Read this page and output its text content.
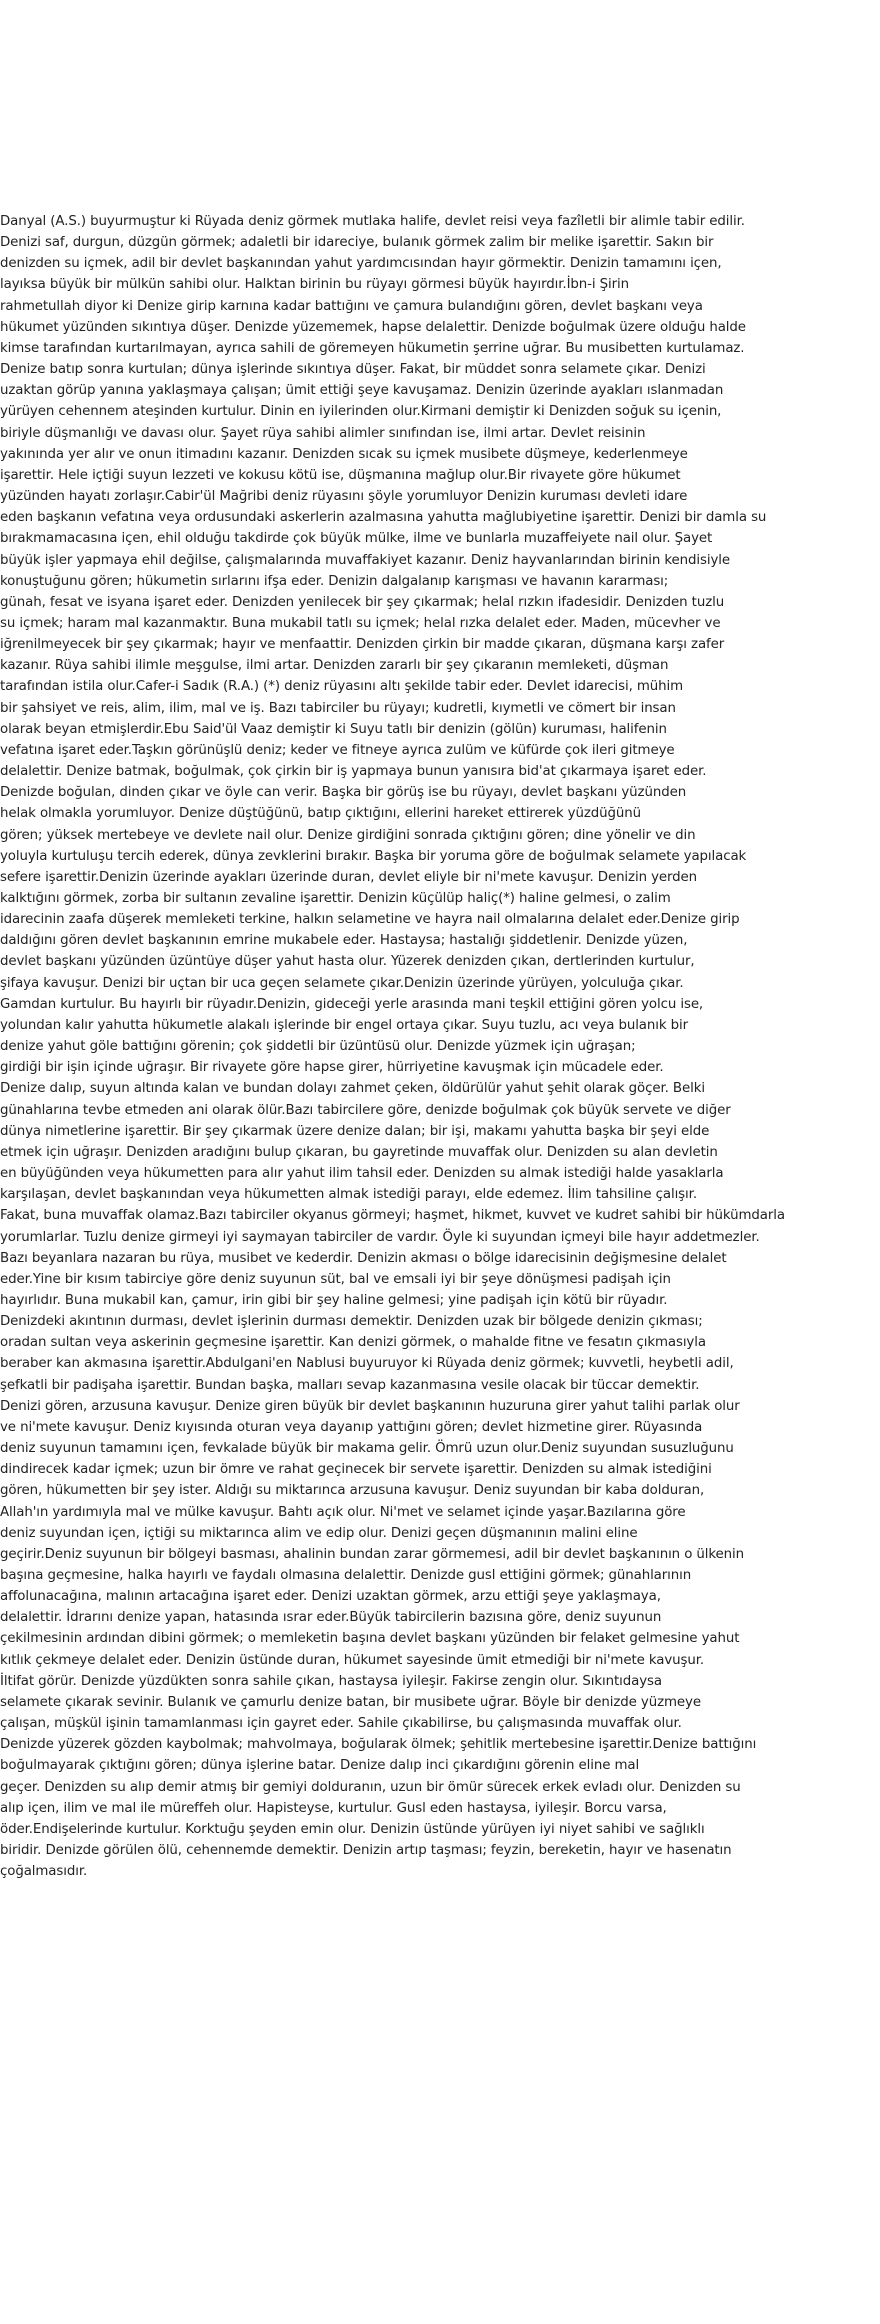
Danyal (A.S.) buyurmuştur ki Rüyada deniz görmek mutlaka halife, devlet reisi veya fazîletli bir alimle tabir edilir.
Denizi saf, durgun, düzgün görmek; adaletli bir idareciye, bulanık görmek zalim bir melike işarettir. Sakın bir
denizden su içmek, adil bir devlet başkanından yahut yardımcısından hayır görmektir. Denizin tamamını içen,
layıksa büyük bir mülkün sahibi olur. Halktan birinin bu rüyayı görmesi büyük hayırdır.İbn-i Şirin
rahmetullah diyor ki Denize girip karnına kadar battığını ve çamura bulandığını gören, devlet başkanı veya
hükumet yüzünden sıkıntıya düşer. Denizde yüzememek, hapse delalettir. Denizde boğulmak üzere olduğu halde
kimse tarafından kurtarılmayan, ayrıca sahili de göremeyen hükumetin şerrine uğrar. Bu musibetten kurtulamaz.
Denize batıp sonra kurtulan; dünya işlerinde sıkıntıya düşer. Fakat, bir müddet sonra selamete çıkar. Denizi
uzaktan görüp yanına yaklaşmaya çalışan; ümit ettiği şeye kavuşamaz. Denizin üzerinde ayakları ıslanmadan
yürüyen cehennem ateşinden kurtulur. Dinin en iyilerinden olur.Kirmani demiştir ki Denizden soğuk su içenin,
biriyle düşmanlığı ve davası olur. Şayet rüya sahibi alimler sınıfından ise, ilmi artar. Devlet reisinin
yakınında yer alır ve onun itimadını kazanır. Denizden sıcak su içmek musibete düşmeye, kederlenmeye
işarettir. Hele içtiği suyun lezzeti ve kokusu kötü ise, düşmanına mağlup olur.Bir rivayete göre hükumet
yüzünden hayatı zorlaşır.Cabir'ül Mağribi deniz rüyasını şöyle yorumluyor Denizin kuruması devleti idare
eden başkanın vefatına veya ordusundaki askerlerin azalmasına yahutta mağlubiyetine işarettir. Denizi bir damla su
bırakmamacasına içen, ehil olduğu takdirde çok büyük mülke, ilme ve bunlarla muzaffeiyete nail olur. Şayet
büyük işler yapmaya ehil değilse, çalışmalarında muvaffakiyet kazanır. Deniz hayvanlarından birinin kendisiyle
konuştuğunu gören; hükumetin sırlarını ifşa eder. Denizin dalgalanıp karışması ve havanın kararması;
günah, fesat ve isyana işaret eder. Denizden yenilecek bir şey çıkarmak; helal rızkın ifadesidir. Denizden tuzlu
su içmek; haram mal kazanmaktır. Buna mukabil tatlı su içmek; helal rızka delalet eder. Maden, mücevher ve
iğrenilmeyecek bir şey çıkarmak; hayır ve menfaattir. Denizden çirkin bir madde çıkaran, düşmana karşı zafer
kazanır. Rüya sahibi ilimle meşgulse, ilmi artar. Denizden zararlı bir şey çıkaranın memleketi, düşman
tarafından istila olur.Cafer-i Sadık (R.A.) (*) deniz rüyasını altı şekilde tabir eder. Devlet idarecisi, mühim
bir şahsiyet ve reis, alim, ilim, mal ve iş. Bazı tabirciler bu rüyayı; kudretli, kıymetli ve cömert bir insan
olarak beyan etmişlerdir.Ebu Said'ül Vaaz demiştir ki Suyu tatlı bir denizin (gölün) kuruması, halifenin
vefatına işaret eder.Taşkın görünüşlü deniz; keder ve fitneye ayrıca zulüm ve küfürde çok ileri gitmeye
delalettir. Denize batmak, boğulmak, çok çirkin bir iş yapmaya bunun yanısıra bid'at çıkarmaya işaret eder.
Denizde boğulan, dinden çıkar ve öyle can verir. Başka bir görüş ise bu rüyayı, devlet başkanı yüzünden
helak olmakla yorumluyor. Denize düştüğünü, batıp çıktığını, ellerini hareket ettirerek yüzdüğünü
gören; yüksek mertebeye ve devlete nail olur. Denize girdiğini sonrada çıktığını gören; dine yönelir ve din
yoluyla kurtuluşu tercih ederek, dünya zevklerini bırakır. Başka bir yoruma göre de boğulmak selamete yapılacak
sefere işarettir.Denizin üzerinde ayakları üzerinde duran, devlet eliyle bir ni'mete kavuşur. Denizin yerden
kalktığını görmek, zorba bir sultanın zevaline işarettir. Denizin küçülüp haliç(*) haline gelmesi, o zalim
idarecinin zaafa düşerek memleketi terkine, halkın selametine ve hayra nail olmalarına delalet eder.Denize girip
daldığını gören devlet başkanının emrine mukabele eder. Hastaysa; hastalığı şiddetlenir. Denizde yüzen,
devlet başkanı yüzünden üzüntüye düşer yahut hasta olur. Yüzerek denizden çıkan, dertlerinden kurtulur,
şifaya kavuşur. Denizi bir uçtan bir uca geçen selamete çıkar.Denizin üzerinde yürüyen, yolculuğa çıkar.
Gamdan kurtulur. Bu hayırlı bir rüyadır.Denizin, gideceği yerle arasında mani teşkil ettiğini gören yolcu ise,
yolundan kalır yahutta hükumetle alakalı işlerinde bir engel ortaya çıkar. Suyu tuzlu, acı veya bulanık bir
denize yahut göle battığını görenin; çok şiddetli bir üzüntüsü olur. Denizde yüzmek için uğraşan;
girdiği bir işin içinde uğraşır. Bir rivayete göre hapse girer, hürriyetine kavuşmak için mücadele eder.
Denize dalıp, suyun altında kalan ve bundan dolayı zahmet çeken, öldürülür yahut şehit olarak göçer. Belki
günahlarına tevbe etmeden ani olarak ölür.Bazı tabircilere göre, denizde boğulmak çok büyük servete ve diğer
dünya nimetlerine işarettir. Bir şey çıkarmak üzere denize dalan; bir işi, makamı yahutta başka bir şeyi elde
etmek için uğraşır. Denizden aradığını bulup çıkaran, bu gayretinde muvaffak olur. Denizden su alan devletin
en büyüğünden veya hükumetten para alır yahut ilim tahsil eder. Denizden su almak istediği halde yasaklarla
karşılaşan, devlet başkanından veya hükumetten almak istediği parayı, elde edemez. İlim tahsiline çalışır.
Fakat, buna muvaffak olamaz.Bazı tabirciler okyanus görmeyi; haşmet, hikmet, kuvvet ve kudret sahibi bir hükümdarla
yorumlarlar. Tuzlu denize girmeyi iyi saymayan tabirciler de vardır. Öyle ki suyundan içmeyi bile hayır addetmezler.
Bazı beyanlara nazaran bu rüya, musibet ve kederdir. Denizin akması o bölge idarecisinin değişmesine delalet
eder.Yine bir kısım tabirciye göre deniz suyunun süt, bal ve emsali iyi bir şeye dönüşmesi padişah için
hayırlıdır. Buna mukabil kan, çamur, irin gibi bir şey haline gelmesi; yine padişah için kötü bir rüyadır.
Denizdeki akıntının durması, devlet işlerinin durması demektir. Denizden uzak bir bölgede denizin çıkması;
oradan sultan veya askerinin geçmesine işarettir. Kan denizi görmek, o mahalde fitne ve fesatın çıkmasıyla
beraber kan akmasına işarettir.Abdulgani'en Nablusi buyuruyor ki Rüyada deniz görmek; kuvvetli, heybetli adil,
şefkatli bir padişaha işarettir. Bundan başka, malları sevap kazanmasına vesile olacak bir tüccar demektir.
Denizi gören, arzusuna kavuşur. Denize giren büyük bir devlet başkanının huzuruna girer yahut talihi parlak olur
ve ni'mete kavuşur. Deniz kıyısında oturan veya dayanıp yattığını gören; devlet hizmetine girer. Rüyasında
deniz suyunun tamamını içen, fevkalade büyük bir makama gelir. Ömrü uzun olur.Deniz suyundan susuzluğunu
dindirecek kadar içmek; uzun bir ömre ve rahat geçinecek bir servete işarettir. Denizden su almak istediğini
gören, hükumetten bir şey ister. Aldığı su miktarınca arzusuna kavuşur. Deniz suyundan bir kaba dolduran,
Allah'ın yardımıyla mal ve mülke kavuşur. Bahtı açık olur. Ni'met ve selamet içinde yaşar.Bazılarına göre
deniz suyundan içen, içtiği su miktarınca alim ve edip olur. Denizi geçen düşmanının malini eline
geçirir.Deniz suyunun bir bölgeyi basması, ahalinin bundan zarar görmemesi, adil bir devlet başkanının o ülkenin
başına geçmesine, halka hayırlı ve faydalı olmasına delalettir. Denizde gusl ettiğini görmek; günahlarının
affolunacağına, malının artacağına işaret eder. Denizi uzaktan görmek, arzu ettiği şeye yaklaşmaya,
delalettir. İdrarını denize yapan, hatasında ısrar eder.Büyük tabircilerin bazısına göre, deniz suyunun
çekilmesinin ardından dibini görmek; o memleketin başına devlet başkanı yüzünden bir felaket gelmesine yahut
kıtlık çekmeye delalet eder. Denizin üstünde duran, hükumet sayesinde ümit etmediği bir ni'mete kavuşur.
İltifat görür. Denizde yüzdükten sonra sahile çıkan, hastaysa iyileşir. Fakirse zengin olur. Sıkıntıdaysa
selamete çıkarak sevinir. Bulanık ve çamurlu denize batan, bir musibete uğrar. Böyle bir denizde yüzmeye
çalışan, müşkül işinin tamamlanması için gayret eder. Sahile çıkabilirse, bu çalışmasında muvaffak olur.
Denizde yüzerek gözden kaybolmak; mahvolmaya, boğularak ölmek; şehitlik mertebesine işarettir.Denize battığını
boğulmayarak çıktığını gören; dünya işlerine batar. Denize dalıp inci çıkardığını görenin eline mal
geçer. Denizden su alıp demir atmış bir gemiyi dolduranın, uzun bir ömür sürecek erkek evladı olur. Denizden su
alıp içen, ilim ve mal ile müreffeh olur. Hapisteyse, kurtulur. Gusl eden hastaysa, iyileşir. Borcu varsa,
öder.Endişelerinde kurtulur. Korktuğu şeyden emin olur. Denizin üstünde yürüyen iyi niyet sahibi ve sağlıklı
biridir. Denizde görülen ölü, cehennemde demektir. Denizin artıp taşması; feyzin, bereketin, hayır ve hasenatın
çoğalmasıdır.
